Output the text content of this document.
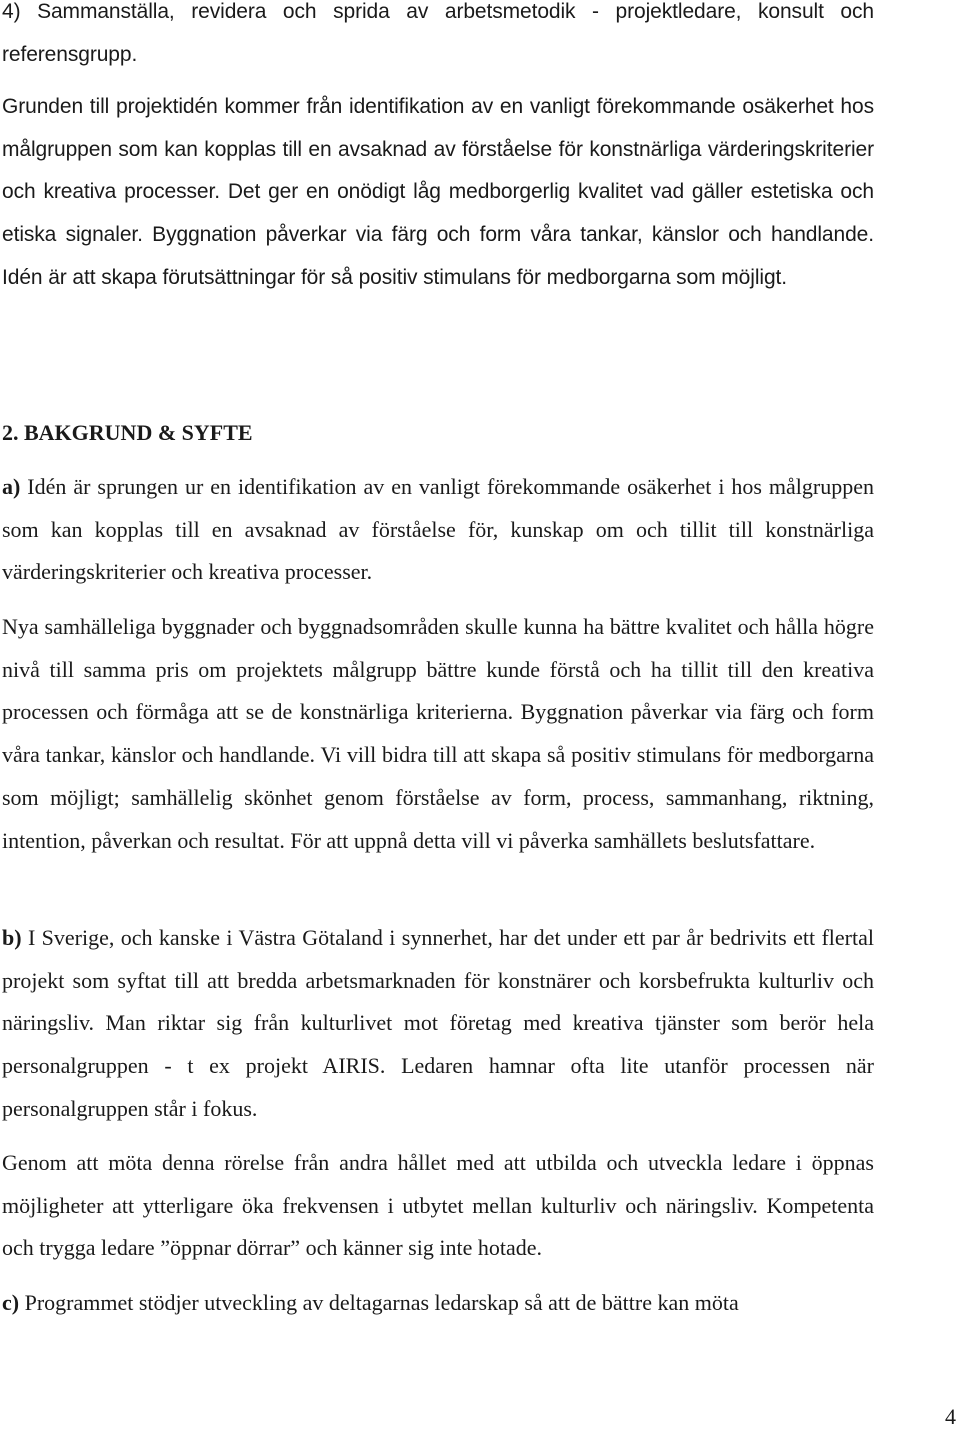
4) Sammanställa, revidera och sprida av arbetsmetodik - projektledare, konsult och referensgrupp.

Grunden till projektidén kommer från identifikation av en vanligt förekommande osäkerhet hos målgruppen som kan kopplas till en avsaknad av förståelse för konstnärliga värderingskriterier och kreativa processer. Det ger en onödigt låg medborgerlig kvalitet vad gäller estetiska och etiska signaler. Byggnation påverkar via färg och form våra tankar, känslor och handlande. Idén är att skapa förutsättningar för så positiv stimulans för medborgarna som möjligt.

2. BAKGRUND & SYFTE

a) Idén är sprungen ur en identifikation av en vanligt förekommande osäkerhet i hos målgruppen som kan kopplas till en avsaknad av förståelse för, kunskap om och tillit till konstnärliga värderingskriterier och kreativa processer.

Nya samhälleliga byggnader och byggnadsområden skulle kunna ha bättre kvalitet och hålla högre nivå till samma pris om projektets målgrupp bättre kunde förstå och ha tillit till den kreativa processen och förmåga att se de konstnärliga kriterierna. Byggnation påverkar via färg och form våra tankar, känslor och handlande. Vi vill bidra till att skapa så positiv stimulans för medborgarna som möjligt; samhällelig skönhet genom förståelse av form, process, sammanhang, riktning, intention, påverkan och resultat. För att uppnå detta vill vi påverka samhällets beslutsfattare.

b) I Sverige, och kanske i Västra Götaland i synnerhet, har det under ett par år bedrivits ett flertal projekt som syftat till att bredda arbetsmarknaden för konstnärer och korsbefrukta kulturliv och näringsliv. Man riktar sig från kulturlivet mot företag med kreativa tjänster som berör hela personalgruppen - t ex projekt AIRIS. Ledaren hamnar ofta lite utanför processen när personalgruppen står i fokus.

Genom att möta denna rörelse från andra hållet med att utbilda och utveckla ledare i öppnas möjligheter att ytterligare öka frekvensen i utbytet mellan kulturliv och näringsliv. Kompetenta och trygga ledare ”öppnar dörrar” och känner sig inte hotade.

c) Programmet stödjer utveckling av deltagarnas ledarskap så att de bättre kan möta

4
